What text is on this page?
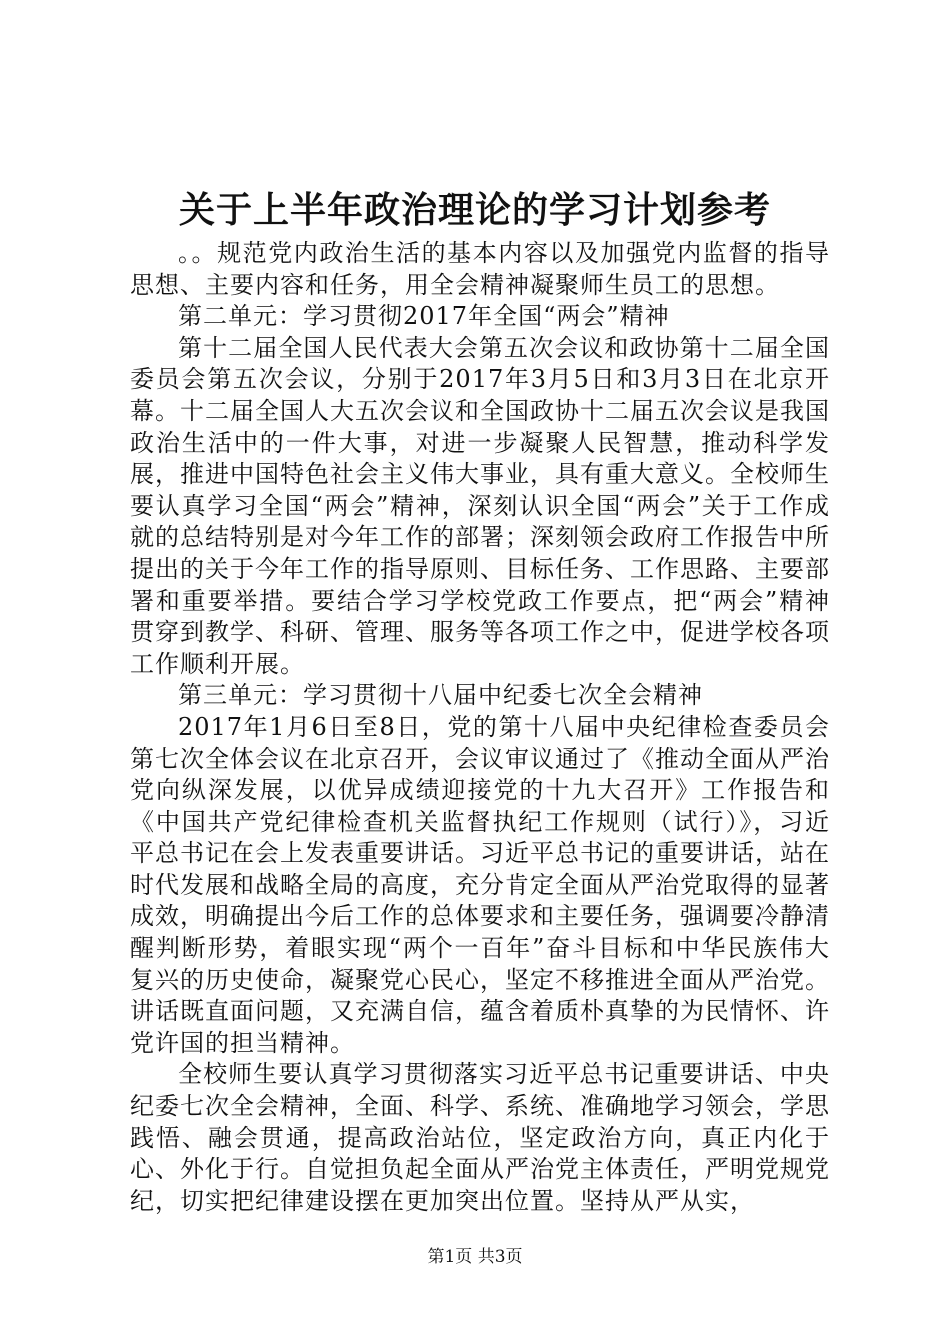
关于上半年政治理论的学习计划参考

。。规范党内政治生活的基本内容以及加强党内监督的指导思想、主要内容和任务，用全会精神凝聚师生员工的思想。

第二单元：学习贯彻2017年全国“两会”精神

第十二届全国人民代表大会第五次会议和政协第十二届全国委员会第五次会议，分别于2017年3月5日和3月3日在北京开幕。十二届全国人大五次会议和全国政协十二届五次会议是我国政治生活中的一件大事，对进一步凝聚人民智慧，推动科学发展，推进中国特色社会主义伟大事业，具有重大意义。全校师生要认真学习全国“两会”精神，深刻认识全国“两会”关于工作成就的总结特别是对今年工作的部署；深刻领会政府工作报告中所提出的关于今年工作的指导原则、目标任务、工作思路、主要部署和重要举措。要结合学习学校党政工作要点，把“两会”精神贯穿到教学、科研、管理、服务等各项工作之中，促进学校各项工作顺利开展。

第三单元：学习贯彻十八届中纪委七次全会精神

2017年1月6日至8日，党的第十八届中央纪律检查委员会第七次全体会议在北京召开，会议审议通过了《推动全面从严治党向纵深发展，以优异成绩迎接党的十九大召开》工作报告和《中国共产党纪律检查机关监督执纪工作规则（试行）》，习近平总书记在会上发表重要讲话。习近平总书记的重要讲话，站在时代发展和战略全局的高度，充分肯定全面从严治党取得的显著成效，明确提出今后工作的总体要求和主要任务，强调要冷静清醒判断形势，着眼实现“两个一百年”奋斗目标和中华民族伟大复兴的历史使命，凝聚党心民心，坚定不移推进全面从严治党。讲话既直面问题，又充满自信，蕴含着质朴真挚的为民情怀、许党许国的担当精神。

全校师生要认真学习贯彻落实习近平总书记重要讲话、中央纪委七次全会精神，全面、科学、系统、准确地学习领会，学思践悟、融会贯通，提高政治站位，坚定政治方向，真正内化于心、外化于行。自觉担负起全面从严治党主体责任，严明党规党纪，切实把纪律建设摆在更加突出位置。坚持从严从实，

第1页 共3页
